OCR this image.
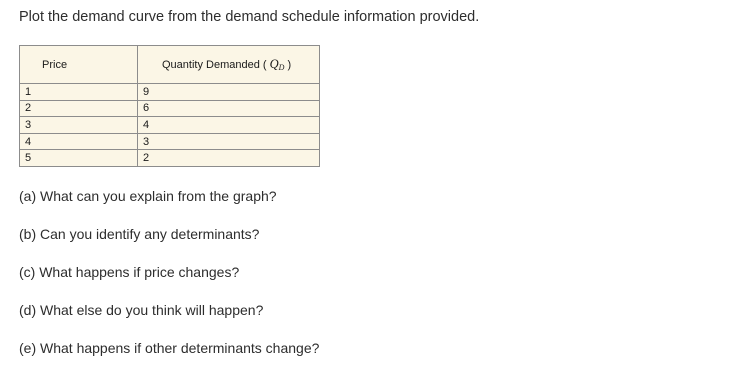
Plot the demand curve from the demand schedule information provided.
Price	Quantity Demanded ( QD )
1	9
2	6
3	4
4	3
5	2
(a) What can you explain from the graph?
(b) Can you identify any determinants?
(c) What happens if price changes?
(d) What else do you think will happen?
(e) What happens if other determinants change?
